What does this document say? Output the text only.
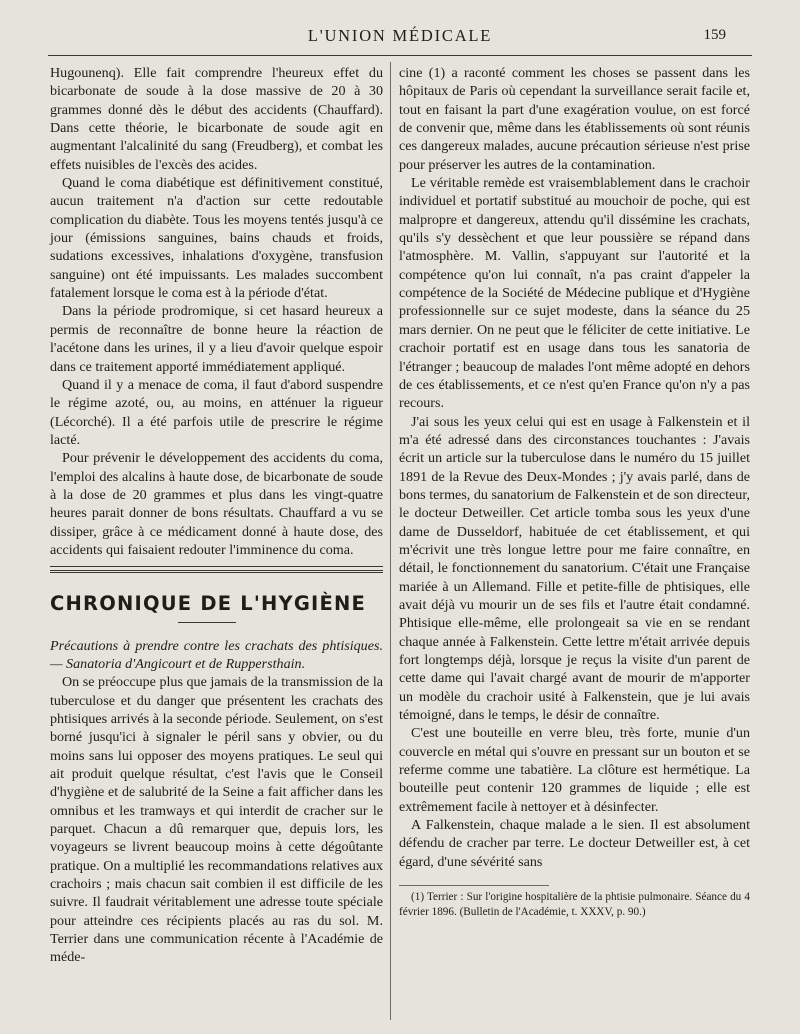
L'UNION MÉDICALE	159

Hugounenq). Elle fait comprendre l'heureux effet du bicarbonate de soude à la dose massive de 20 à 30 grammes donné dès le début des accidents (Chauffard). Dans cette théorie, le bicarbonate de soude agit en augmentant l'alcalinité du sang (Freudberg), et combat les effets nuisibles de l'excès des acides.

Quand le coma diabétique est définitivement constitué, aucun traitement n'a d'action sur cette redoutable complication du diabète. Tous les moyens tentés jusqu'à ce jour (émissions sanguines, bains chauds et froids, sudations excessives, inhalations d'oxygène, transfusion sanguine) ont été impuissants. Les malades succombent fatalement lorsque le coma est à la période d'état.

Dans la période prodromique, si cet hasard heureux a permis de reconnaître de bonne heure la réaction de l'acétone dans les urines, il y a lieu d'avoir quelque espoir dans ce traitement apporté immédiatement appliqué.

Quand il y a menace de coma, il faut d'abord suspendre le régime azoté, ou, au moins, en atténuer la rigueur (Lécorché). Il a été parfois utile de prescrire le régime lacté.

Pour prévenir le développement des accidents du coma, l'emploi des alcalins à haute dose, de bicarbonate de soude à la dose de 20 grammes et plus dans les vingt-quatre heures parait donner de bons résultats. Chauffard a vu se dissiper, grâce à ce médicament donné à haute dose, des accidents qui faisaient redouter l'imminence du coma.

CHRONIQUE DE L'HYGIÈNE

Précautions à prendre contre les crachats des phtisiques. — Sanatoria d'Angicourt et de Ruppersthain.

On se préoccupe plus que jamais de la transmission de la tuberculose et du danger que présentent les crachats des phtisiques arrivés à la seconde période. Seulement, on s'est borné jusqu'ici à signaler le péril sans y obvier, ou du moins sans lui opposer des moyens pratiques. Le seul qui ait produit quelque résultat, c'est l'avis que le Conseil d'hygiène et de salubrité de la Seine a fait afficher dans les omnibus et les tramways et qui interdit de cracher sur le parquet. Chacun a dû remarquer que, depuis lors, les voyageurs se livrent beaucoup moins à cette dégoûtante pratique. On a multiplié les recommandations relatives aux crachoirs ; mais chacun sait combien il est difficile de les suivre. Il faudrait véritablement une adresse toute spéciale pour atteindre ces récipients placés au ras du sol. M. Terrier dans une communication récente à l'Académie de méde-

cine (1) a raconté comment les choses se passent dans les hôpitaux de Paris où cependant la surveillance serait facile et, tout en faisant la part d'une exagération voulue, on est forcé de convenir que, même dans les établissements où sont réunis ces dangereux malades, aucune précaution sérieuse n'est prise pour préserver les autres de la contamination.

Le véritable remède est vraisemblablement dans le crachoir individuel et portatif substitué au mouchoir de poche, qui est malpropre et dangereux, attendu qu'il dissémine les crachats, qu'ils s'y dessèchent et que leur poussière se répand dans l'atmosphère. M. Vallin, s'appuyant sur l'autorité et la compétence qu'on lui connaît, n'a pas craint d'appeler la compétence de la Société de Médecine publique et d'Hygiène professionnelle sur ce sujet modeste, dans la séance du 25 mars dernier. On ne peut que le féliciter de cette initiative. Le crachoir portatif est en usage dans tous les sanatoria de l'étranger ; beaucoup de malades l'ont même adopté en dehors de ces établissements, et ce n'est qu'en France qu'on n'y a pas recours.

J'ai sous les yeux celui qui est en usage à Falkenstein et il m'a été adressé dans des circonstances touchantes : J'avais écrit un article sur la tuberculose dans le numéro du 15 juillet 1891 de la Revue des Deux-Mondes ; j'y avais parlé, dans de bons termes, du sanatorium de Falkenstein et de son directeur, le docteur Detweiller. Cet article tomba sous les yeux d'une dame de Dusseldorf, habituée de cet établissement, et qui m'écrivit une très longue lettre pour me faire connaître, en détail, le fonctionnement du sanatorium. C'était une Française mariée à un Allemand. Fille et petite-fille de phtisiques, elle avait déjà vu mourir un de ses fils et l'autre était condamné. Phtisique elle-même, elle prolongeait sa vie en se rendant chaque année à Falkenstein. Cette lettre m'était arrivée depuis fort longtemps déjà, lorsque je reçus la visite d'un parent de cette dame qui l'avait chargé avant de mourir de m'apporter un modèle du crachoir usité à Falkenstein, que je lui avais témoigné, dans le temps, le désir de connaître.

C'est une bouteille en verre bleu, très forte, munie d'un couvercle en métal qui s'ouvre en pressant sur un bouton et se referme comme une tabatière. La clôture est hermétique. La bouteille peut contenir 120 grammes de liquide ; elle est extrêmement facile à nettoyer et à désinfecter.

A Falkenstein, chaque malade a le sien. Il est absolument défendu de cracher par terre. Le docteur Detweiller est, à cet égard, d'une sévérité sans

(1) Terrier : Sur l'origine hospitalière de la phtisie pulmonaire. Séance du 4 février 1896. (Bulletin de l'Académie, t. XXXV, p. 90.)
